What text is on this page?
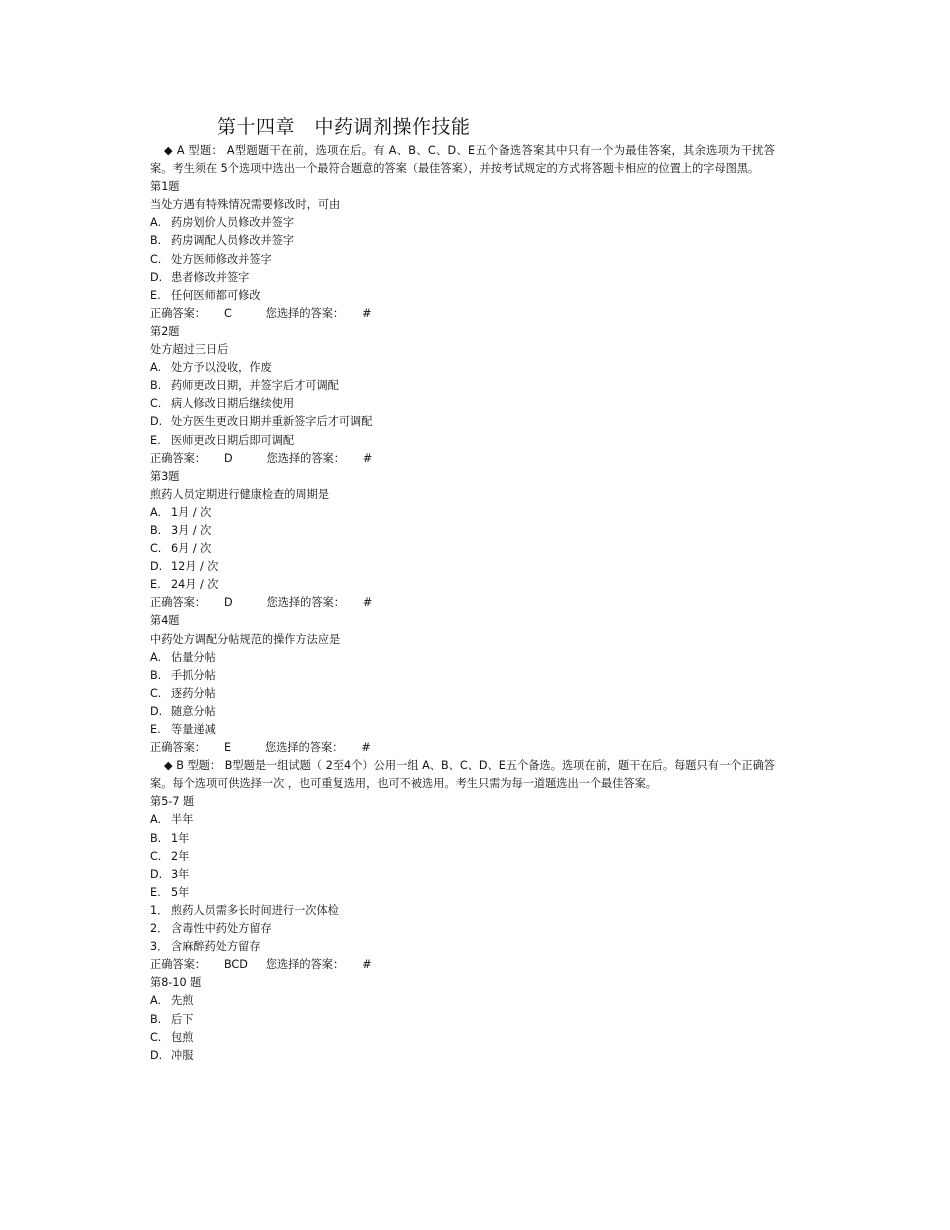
第十四章　中药调剂操作技能
◆ A 型题： A型题题干在前，选项在后。有 A、B、C、D、E五个备选答案其中只有一个为最佳答案，其余选项为干扰答案。考生须在 5个选项中选出一个最符合题意的答案（最佳答案），并按考试规定的方式将答题卡相应的位置上的字母图黑。
第1题
当处方遇有特殊情况需要修改时，可由
A. 药房划价人员修改并签字
B. 药房调配人员修改并签字
C. 处方医师修改并签字
D. 患者修改并签字
E. 任何医师都可修改
正确答案： C	您选择的答案： #
第2题
处方超过三日后
A. 处方予以没收，作废
B. 药师更改日期，并签字后才可调配
C. 病人修改日期后继续使用
D. 处方医生更改日期并重新签字后才可调配
E. 医师更改日期后即可调配
正确答案： D	您选择的答案： #
第3题
煎药人员定期进行健康检查的周期是
A. 1月 / 次
B. 3月 / 次
C. 6月 / 次
D. 12月 / 次
E. 24月 / 次
正确答案： D	您选择的答案： #
第4题
中药处方调配分帖规范的操作方法应是
A. 估量分帖
B. 手抓分帖
C. 逐药分帖
D. 随意分帖
E. 等量递减
正确答案： E	您选择的答案： #
◆ B 型题： B型题是一组试题（ 2至4个）公用一组 A、B、C、D、E五个备选。选项在前，题干在后。每题只有一个正确答案。每个选项可供选择一次 ，也可重复选用，也可不被选用。考生只需为每一道题选出一个最佳答案。
第5-7 题
A. 半年
B. 1年
C. 2年
D. 3年
E. 5年
1． 煎药人员需多长时间进行一次体检
2． 含毒性中药处方留存
3． 含麻醉药处方留存
正确答案： BCD 您选择的答案： #
第8-10 题
A. 先煎
B. 后下
C. 包煎
D. 冲服
